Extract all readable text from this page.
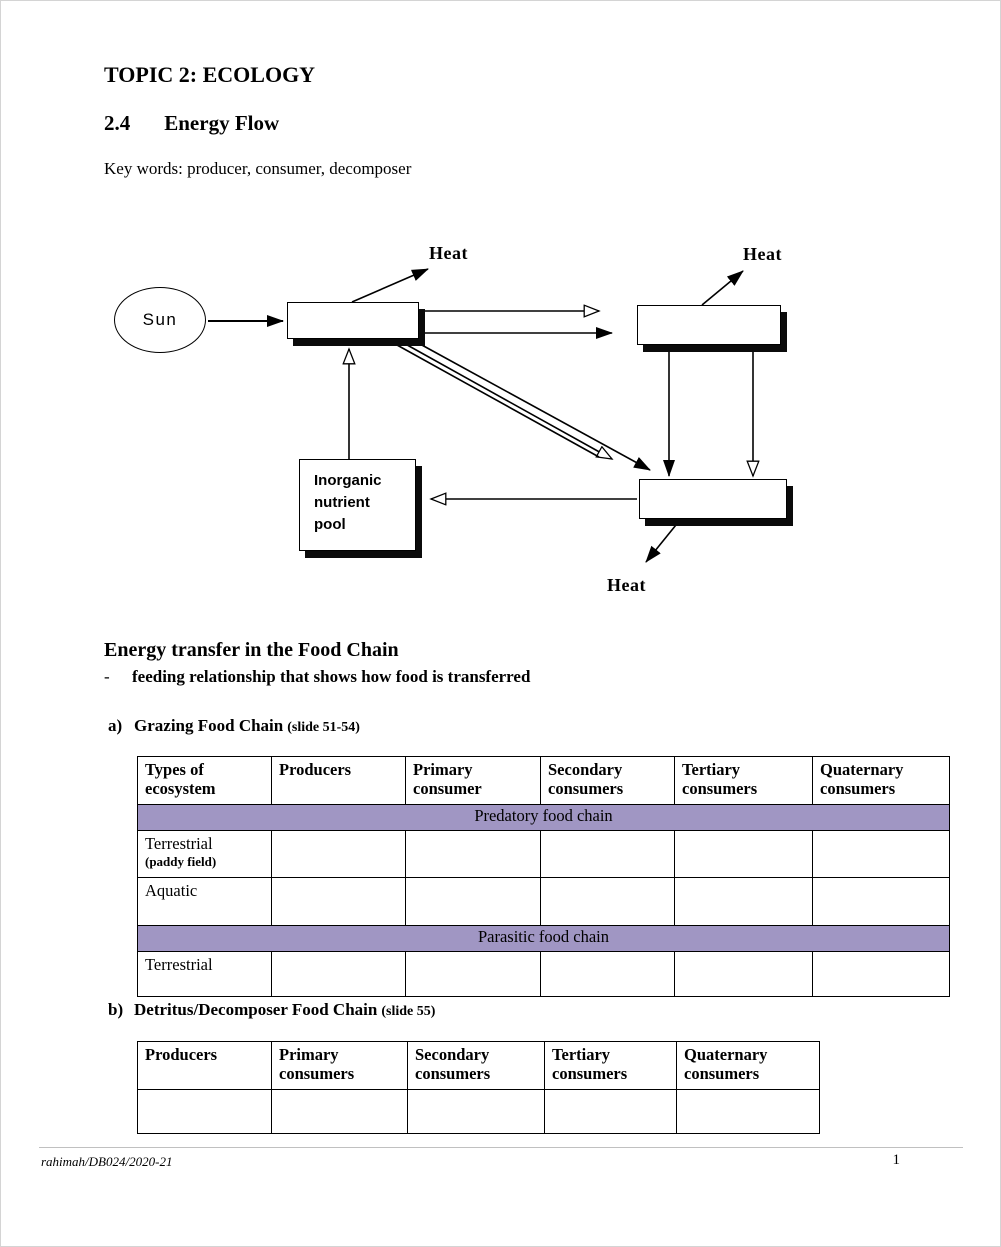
TOPIC 2: ECOLOGY
2.4 Energy Flow
Key words: producer, consumer, decomposer
Heat	Heat
Heat
Sun
Inorganic
nutrient
pool
Energy transfer in the Food Chain
-	feeding relationship that shows how food is transferred
a) Grazing Food Chain (slide 51-54)
Types of ecosystem	Producers	Primary consumer	Secondary consumers	Tertiary consumers	Quaternary consumers
Predatory food chain					
Terrestrial
(paddy field)					

Aquatic					
Parasitic food chain					
Terrestrial					
b) Detritus/Decomposer Food Chain (slide 55)
Producers	Primary consumers	Secondary consumers	Tertiary consumers	Quaternary consumers

rahimah/DB024/2020-21	1
